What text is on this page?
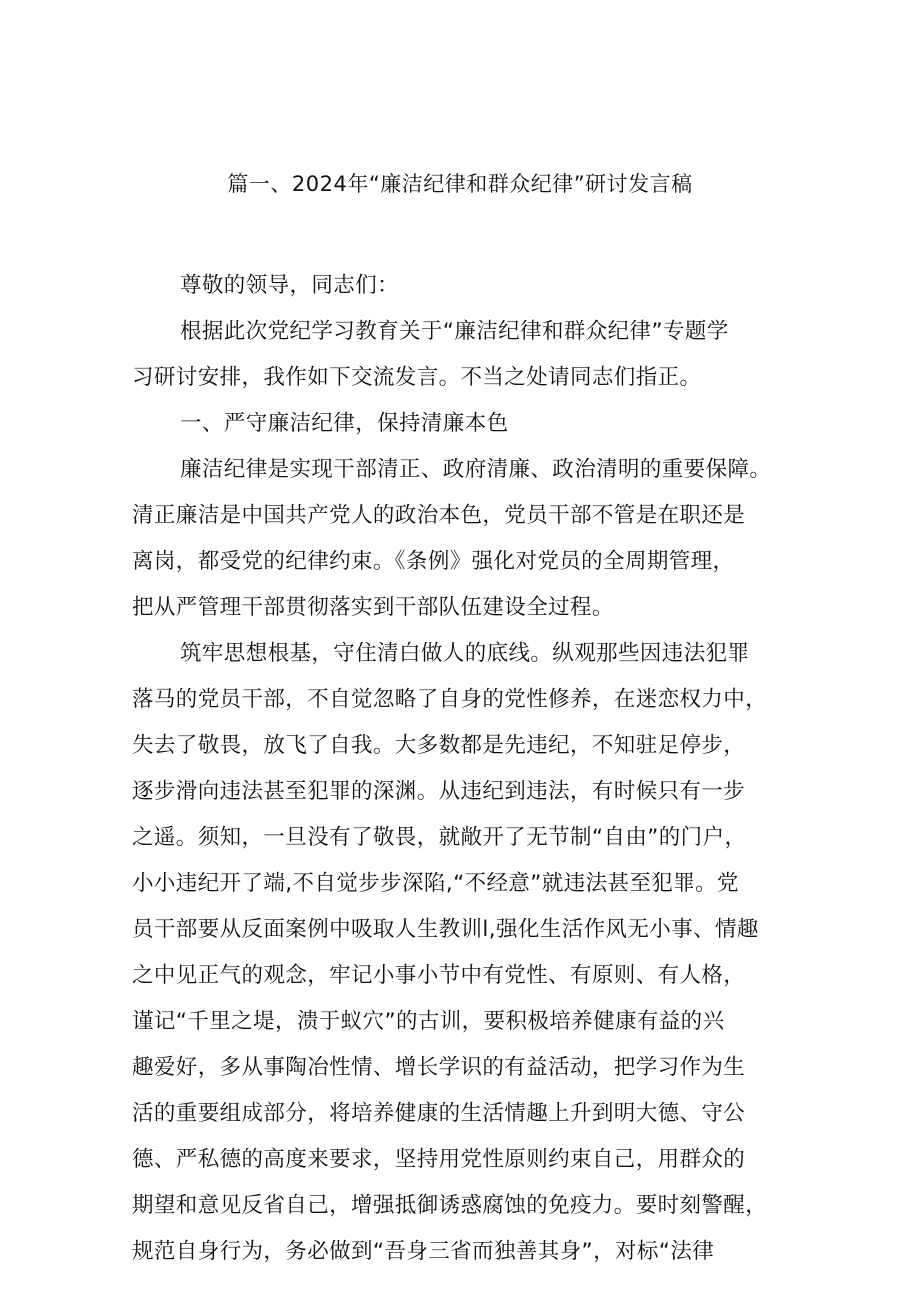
篇一、2024年“廉洁纪律和群众纪律”研讨发言稿
尊敬的领导，同志们：
根据此次党纪学习教育关于“廉洁纪律和群众纪律”专题学
习研讨安排，我作如下交流发言。不当之处请同志们指正。
一、严守廉洁纪律，保持清廉本色
廉洁纪律是实现干部清正、政府清廉、政治清明的重要保障。
清正廉洁是中国共产党人的政治本色，党员干部不管是在职还是
离岗，都受党的纪律约束。《条例》强化对党员的全周期管理，
把从严管理干部贯彻落实到干部队伍建设全过程。
筑牢思想根基，守住清白做人的底线。纵观那些因违法犯罪
落马的党员干部，不自觉忽略了自身的党性修养，在迷恋权力中，
失去了敬畏，放飞了自我。大多数都是先违纪，不知驻足停步，
逐步滑向违法甚至犯罪的深渊。从违纪到违法，有时候只有一步
之遥。须知，一旦没有了敬畏，就敞开了无节制“自由”的门户，
小小违纪开了端,不自觉步步深陷,“不经意”就违法甚至犯罪。党
员干部要从反面案例中吸取人生教训l,强化生活作风无小事、情趣
之中见正气的观念，牢记小事小节中有党性、有原则、有人格，
谨记“千里之堤，溃于蚁穴”的古训，要积极培养健康有益的兴
趣爱好，多从事陶冶性情、增长学识的有益活动，把学习作为生
活的重要组成部分，将培养健康的生活情趣上升到明大德、守公
德、严私德的高度来要求，坚持用党性原则约束自己，用群众的
期望和意见反省自己，增强抵御诱惑腐蚀的免疫力。要时刻警醒，
规范自身行为，务必做到“吾身三省而独善其身”，对标“法律
